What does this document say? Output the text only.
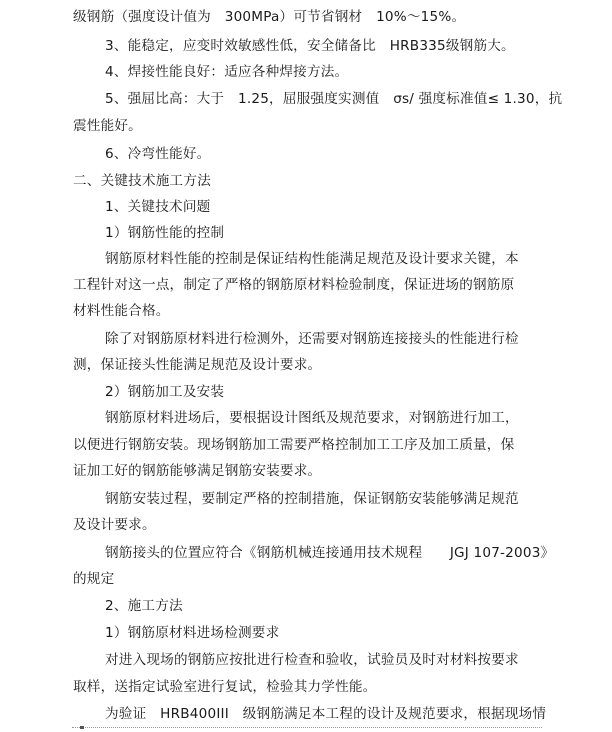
级钢筋（强度设计值为　300MPa）可节省钢材　10%～15%。
3、能稳定，应变时效敏感性低，安全储备比　HRB335级钢筋大。
4、焊接性能良好：适应各种焊接方法。
5、强屈比高：大于　1.25，屈服强度实测值　σs/ 强度标准值≤ 1.30，抗
震性能好。
6、冷弯性能好。
二、关键技术施工方法
1、关键技术问题
1）钢筋性能的控制
钢筋原材料性能的控制是保证结构性能满足规范及设计要求关键，本
工程针对这一点，制定了严格的钢筋原材料检验制度，保证进场的钢筋原
材料性能合格。
除了对钢筋原材料进行检测外，还需要对钢筋连接接头的性能进行检
测，保证接头性能满足规范及设计要求。
2）钢筋加工及安装
钢筋原材料进场后，要根据设计图纸及规范要求，对钢筋进行加工，
以便进行钢筋安装。现场钢筋加工需要严格控制加工工序及加工质量，保
证加工好的钢筋能够满足钢筋安装要求。
钢筋安装过程，要制定严格的控制措施，保证钢筋安装能够满足规范
及设计要求。
钢筋接头的位置应符合《钢筋机械连接通用技术规程　　JGJ 107-2003》
的规定
2、施工方法
1）钢筋原材料进场检测要求
对进入现场的钢筋应按批进行检查和验收，试验员及时对材料按要求
取样，送指定试验室进行复试，检验其力学性能。
为验证　HRB400III　级钢筋满足本工程的设计及规范要求，根据现场情
